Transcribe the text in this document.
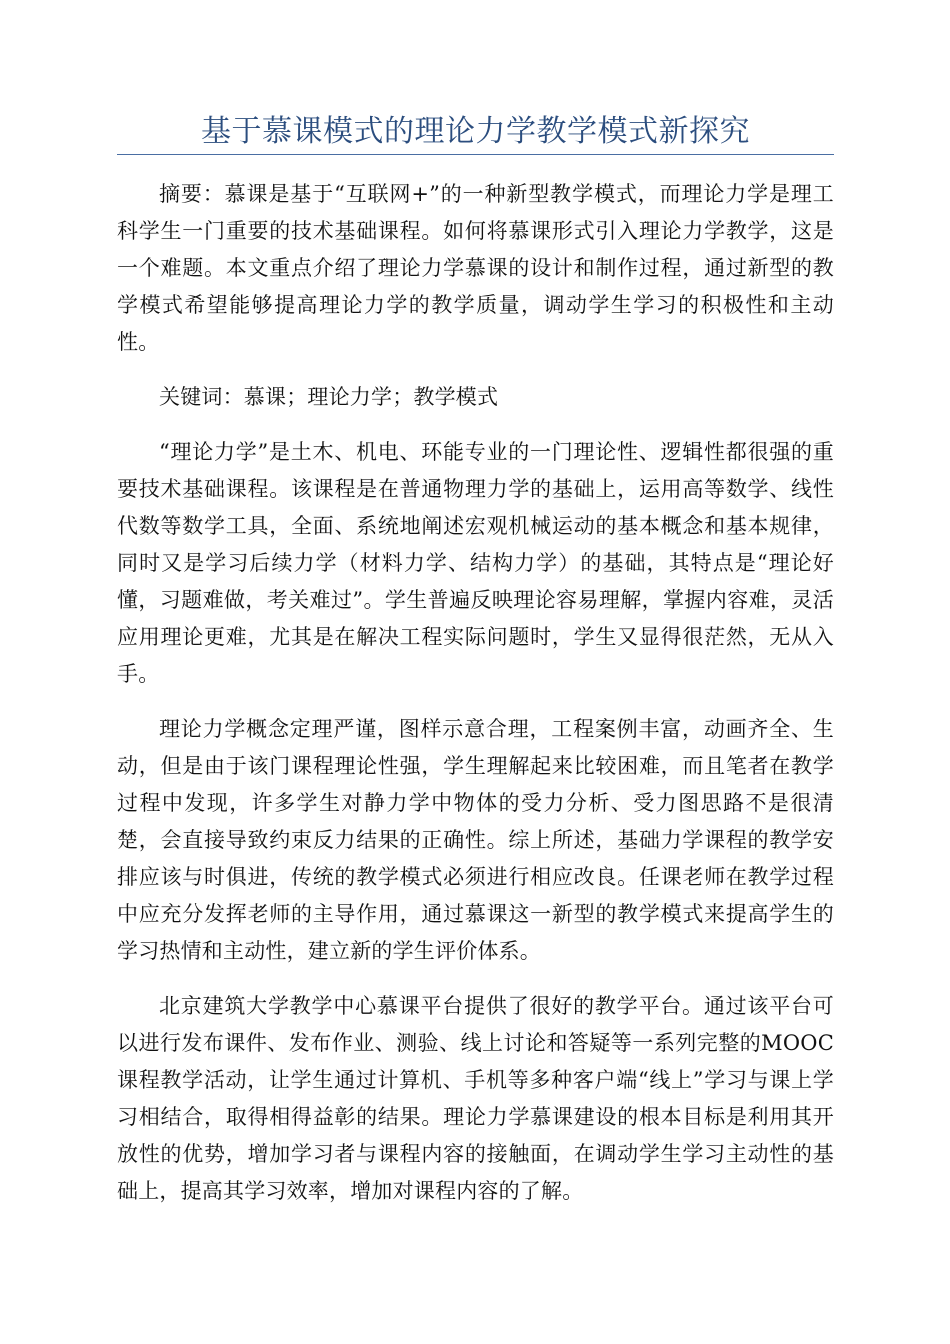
基于慕课模式的理论力学教学模式新探究

摘要：慕课是基于“互联网+”的一种新型教学模式，而理论力学是理工科学生一门重要的技术基础课程。如何将慕课形式引入理论力学教学，这是一个难题。本文重点介绍了理论力学慕课的设计和制作过程，通过新型的教学模式希望能够提高理论力学的教学质量，调动学生学习的积极性和主动性。

关键词：慕课；理论力学；教学模式

“理论力学”是土木、机电、环能专业的一门理论性、逻辑性都很强的重要技术基础课程。该课程是在普通物理力学的基础上，运用高等数学、线性代数等数学工具，全面、系统地阐述宏观机械运动的基本概念和基本规律，同时又是学习后续力学（材料力学、结构力学）的基础，其特点是“理论好懂，习题难做，考关难过”。学生普遍反映理论容易理解，掌握内容难，灵活应用理论更难，尤其是在解决工程实际问题时，学生又显得很茫然，无从入手。

理论力学概念定理严谨，图样示意合理，工程案例丰富，动画齐全、生动，但是由于该门课程理论性强，学生理解起来比较困难，而且笔者在教学过程中发现，许多学生对静力学中物体的受力分析、受力图思路不是很清楚，会直接导致约束反力结果的正确性。综上所述，基础力学课程的教学安排应该与时俱进，传统的教学模式必须进行相应改良。任课老师在教学过程中应充分发挥老师的主导作用，通过慕课这一新型的教学模式来提高学生的学习热情和主动性，建立新的学生评价体系。

北京建筑大学教学中心慕课平台提供了很好的教学平台。通过该平台可以进行发布课件、发布作业、测验、线上讨论和答疑等一系列完整的MOOC课程教学活动，让学生通过计算机、手机等多种客户端“线上”学习与课上学习相结合，取得相得益彰的结果。理论力学慕课建设的根本目标是利用其开放性的优势，增加学习者与课程内容的接触面，在调动学生学习主动性的基础上，提高其学习效率，增加对课程内容的了解。
